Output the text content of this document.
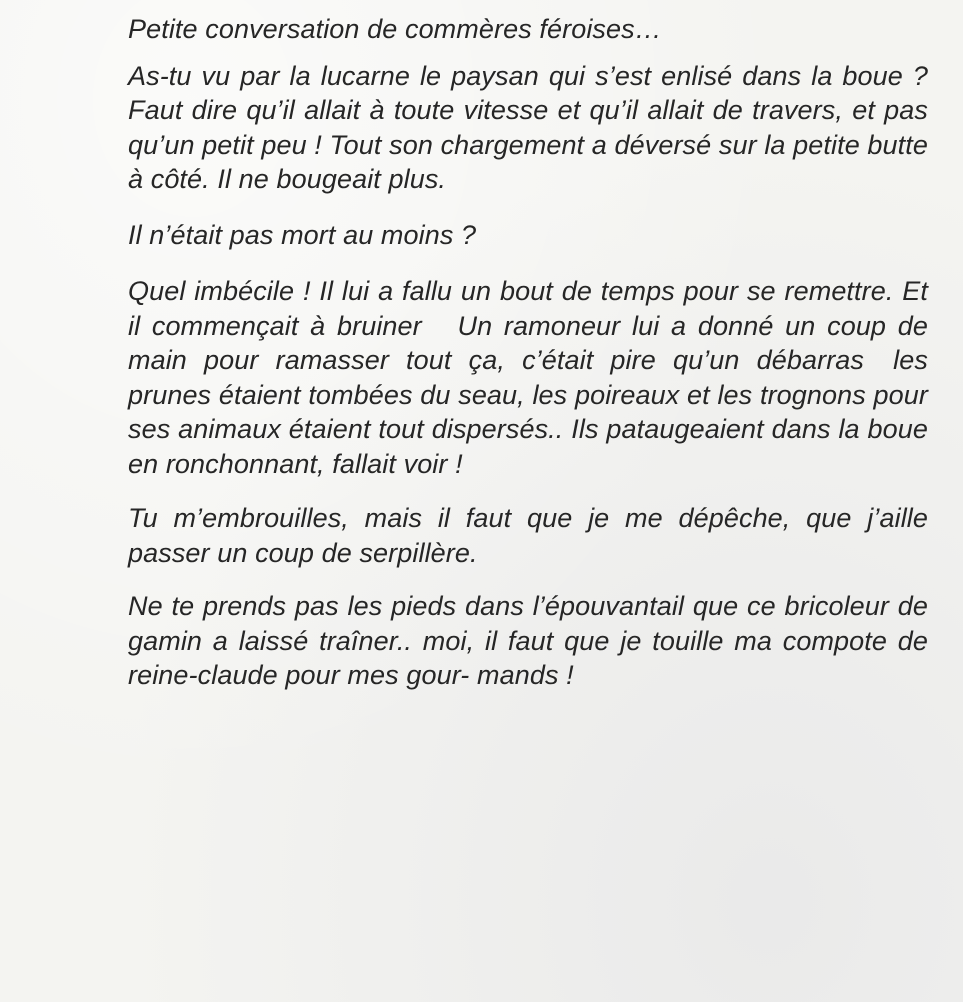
Petite conversation de commères féroises…

As-tu vu par la lucarne le paysan qui s’est enlisé dans la boue ? Faut dire qu’il allait à toute vitesse et qu’il allait de travers, et pas qu’un petit peu ! Tout son chargement a déversé sur la petite butte à côté. Il ne bougeait plus.

Il n’était pas mort au moins ?

Quel imbécile ! Il lui a fallu un bout de temps pour se remettre. Et il commençait à bruiner Un ramoneur lui a donné un coup de main pour ramasser tout ça, c’était pire qu’un débarras les prunes étaient tombées du seau, les poireaux et les trognons pour ses animaux étaient tout dispersés.. Ils pataugeaient dans la boue en ronchonnant, fallait voir !

Tu m’embrouilles, mais il faut que je me dépêche, que j’aille passer un coup de serpillère.

Ne te prends pas les pieds dans l’épouvantail que ce bricoleur de gamin a laissé traîner.. moi, il faut que je touille ma compote de reine-claude pour mes gour- mands !
